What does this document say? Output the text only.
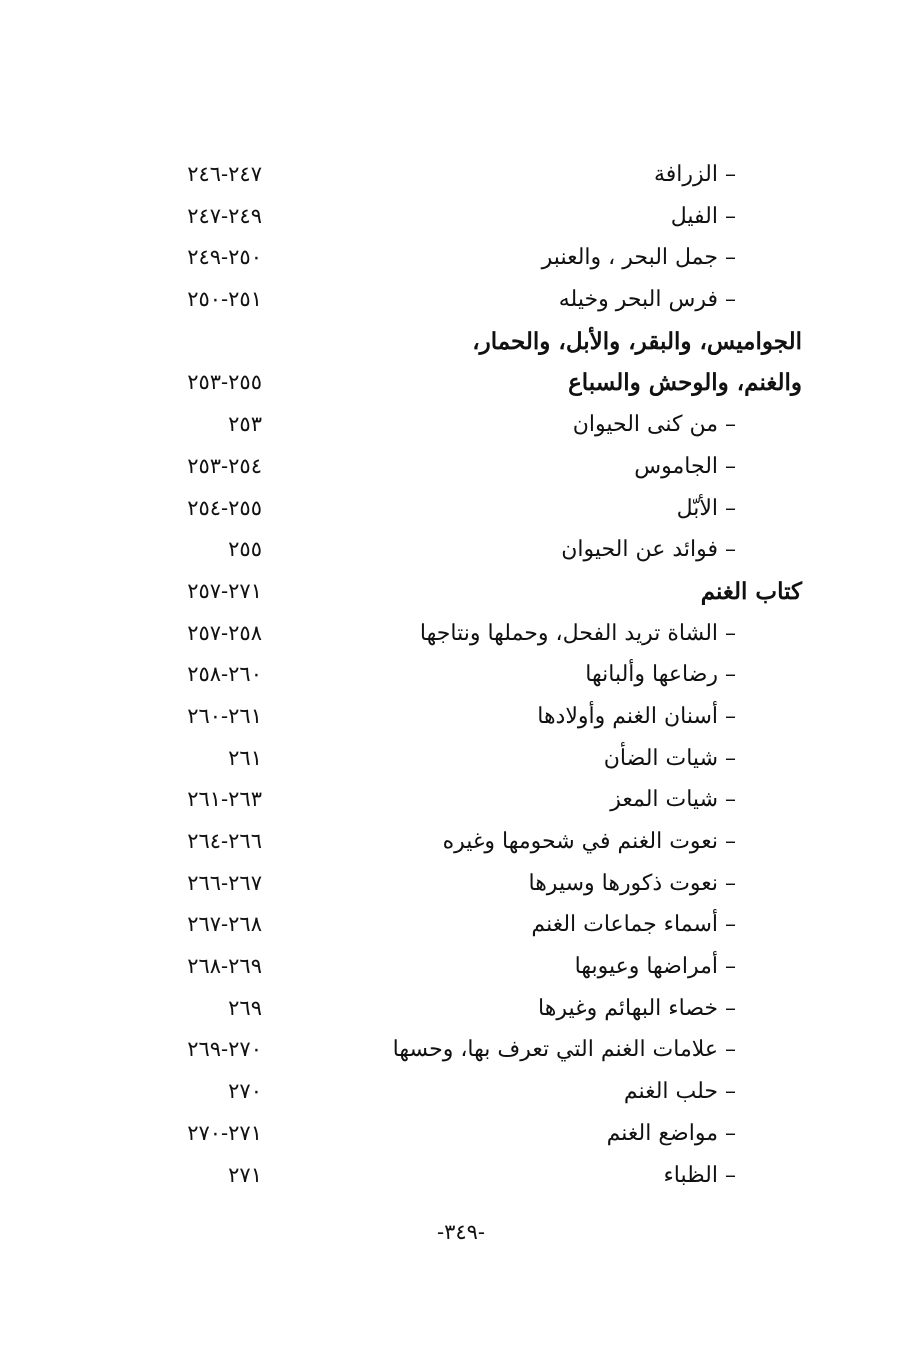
– الزرافة
٢٤٧-٢٤٦
– الفيل
٢٤٩-٢٤٧
– جمل البحر ، والعنبر
٢٥٠-٢٤٩
– فرس البحر وخيله
٢٥١-٢٥٠
الجواميس، والبقر، والأبل، والحمار،
والغنم، والوحش والسباع
٢٥٥-٢٥٣
– من كنى الحيوان
٢٥٣
– الجاموس
٢٥٤-٢٥٣
– الأبّل
٢٥٥-٢٥٤
– فوائد عن الحيوان
٢٥٥
كتاب الغنم
٢٧١-٢٥٧
– الشاة تريد الفحل، وحملها ونتاجها
٢٥٨-٢٥٧
– رضاعها وألبانها
٢٦٠-٢٥٨
– أسنان الغنم وأولادها
٢٦١-٢٦٠
– شيات الضأن
٢٦١
– شيات المعز
٢٦٣-٢٦١
– نعوت الغنم في شحومها وغيره
٢٦٦-٢٦٤
– نعوت ذكورها وسيرها
٢٦٧-٢٦٦
– أسماء جماعات الغنم
٢٦٨-٢٦٧
– أمراضها وعيوبها
٢٦٩-٢٦٨
– خصاء البهائم وغيرها
٢٦٩
– علامات الغنم التي تعرف بها، وحسها
٢٧٠-٢٦٩
– حلب الغنم
٢٧٠
– مواضع الغنم
٢٧١-٢٧٠
– الظباء
٢٧١
-٣٤٩-
